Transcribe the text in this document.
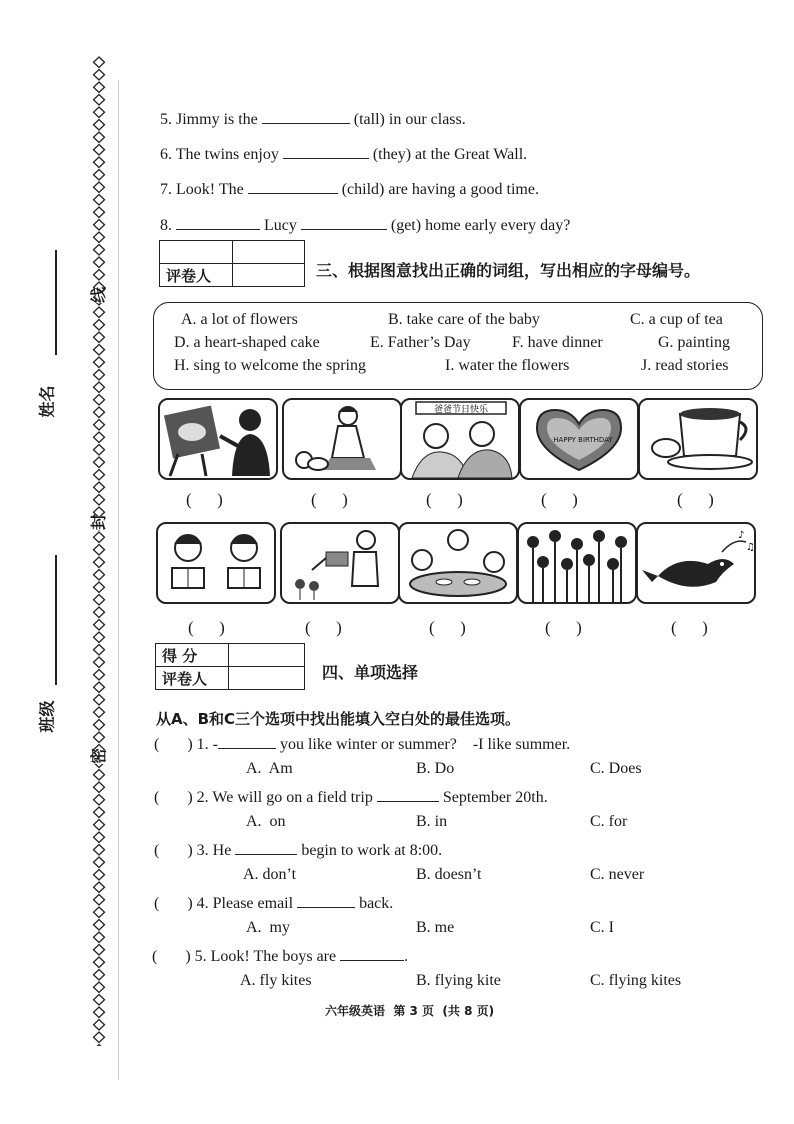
线
封
密
姓名
班级
5. Jimmy is the	(tall) in our class.
6. The twins enjoy	(they) at the Great Wall.
7. Look! The	(child) are having a good time.
8.	Lucy	(get) home early every day?

评卷人		三、根据图意找出正确的词组，写出相应的字母编号。
A. a lot of flowers	B. take care of the baby	C. a cup of tea
D. a heart-shaped cake	E. Father’s Day	F. have dinner	G. painting
H. sing to welcome the spring	I. water the flowers	J. read stories
爸爸节日快乐
HAPPY BIRTHDAY
(      )	(      )	(      )	(      )	(      )
♪
♫
(      )	(      )	(      )	(      )	(      )
得 分	
评卷人		四、单项选择
从A、B和C三个选项中找出能填入空白处的最佳选项。
(       ) 1. -	you like winter or summer? -I like summer.
A.  Am	B. Do	C. Does
(       ) 2. We will go on a field trip	September 20th.
A.  on	B. in	C. for
(       ) 3. He	begin to work at 8:00.
A. don’t	B. doesn’t	C. never
(       ) 4. Please email	back.
A.  my	B. me	C. I
(       ) 5. Look! The boys are	.
A. fly kites	B. flying kite	C. flying kites
六年级英语  第 3 页  (共 8 页)
